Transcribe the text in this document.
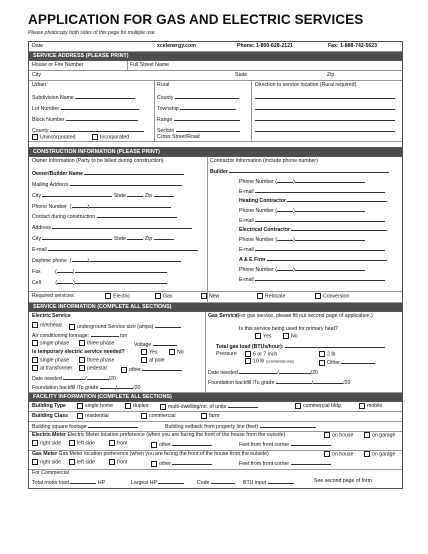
APPLICATION FOR GAS AND ELECTRIC SERVICES
Please photocopy both sides of this page for multiple use.
Date	xcelenergy.com	Phone: 1-800-628-2121	Fax: 1-888-742-5623
SERVICE ADDRESS (PLEASE PRINT)
House or Fire Number	Full Street Name
City	State	Zip
Urban	Rural	Direction to service location (Rural required)
Subdivision Name	County
Lot Number	Township
Block Number	Range
County	Section
Unincorporated	Incorporated	Cross Street/Road
CONSTRUCTION INFORMATION (PLEASE PRINT)
Owner Information (Party to be billed during construction)	Contractor Information (include phone number)
Owner/Builder Name
Mailing Address
City	State	Zip
Phone Number  (	)
Contact during construction
Address
City	State	Zip
E-mail
Daytime phone  (	)
Fax          (	)
Cell          (	)
Builder
Phone Number (	)
E-mail
Heating Contractor
Phone Number (	)
E-mail
Electrical Contractor
Phone Number (	)
E-mail
A & E Firm
Phone Number (	)
E-mail
Required services:	Electric	Gas	New	Relocate	Conversion
SERVICE INFORMATION (COMPLETE ALL SECTIONS)
Electric Service
overhead	underground Service size (amps)
Air conditioning tonnage:	ton
single phase	three phase	Voltage
Is temporary electric service needed?	Yes	No
single phase	three phase	at pole
at transformer	pedestal	other
Date needed	/	/20
Foundation backfill /To grade	/	/20
Gas Service
(For gas service, please fill out second page of application.)
Is this service being used for primary heat?
Yes	No
Total gas load (BTUs/hour):
Pressure	6 or 7 inch	2 lb
10 lb (commercial only)	Other
Date needed	/	/20
Foundation backfill /To grade	/	/20
FACILITY INFORMATION (COMPLETE ALL SECTIONS)
Building Type	single home	duplex	multi-dwelling/no. of units	commercial bldg.	mobile
Building Class	residential	commercial	farm
Building square footage	Building setback from property line (feet)
Electric Meter Electric Meter location preference (when you are facing the front of the house from the outside)	on house	on garage
right side	left side	front	other	Feet from front corner
Gas Meter Gas Meter location preference (when you are facing the front of the house from the outside)	on house	on garage
right side	left side	front	other	Feet from front corner
For Commercial
Total motor load	HP	Largest HP	Code	BTU input	See second page of form
